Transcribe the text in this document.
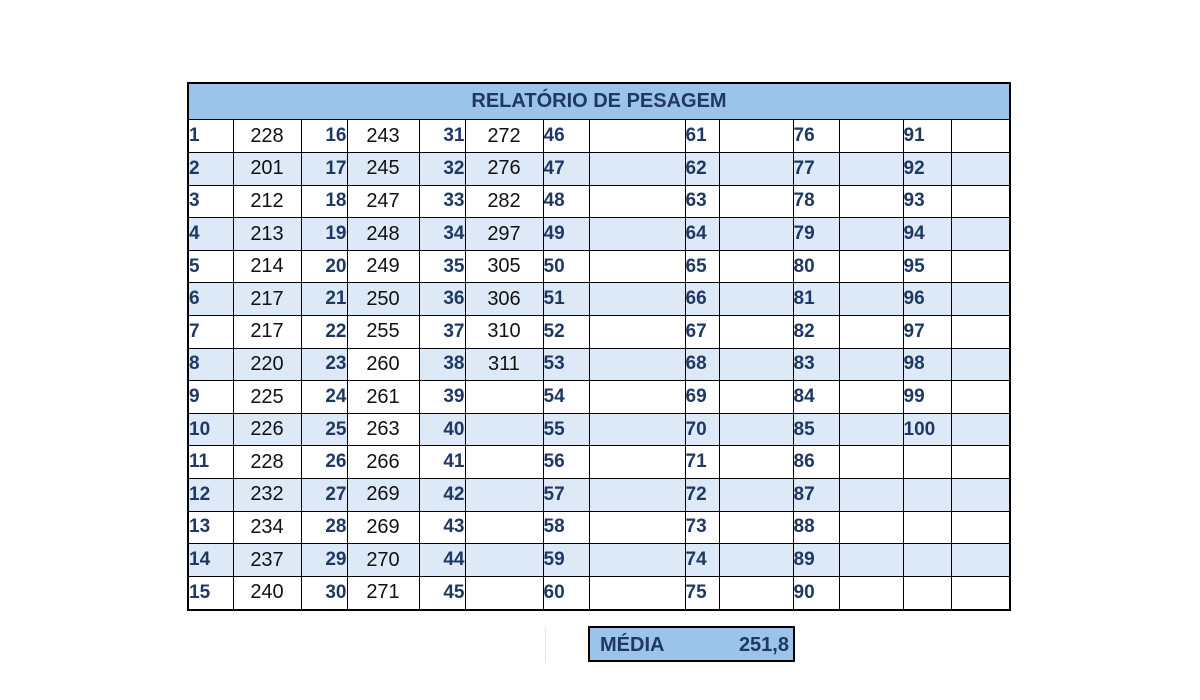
RELATÓRIO DE PESAGEM
1	228	16	243	31	272	46		61		76		91	
2	201	17	245	32	276	47		62		77		92	
3	212	18	247	33	282	48		63		78		93	
4	213	19	248	34	297	49		64		79		94	
5	214	20	249	35	305	50		65		80		95	
6	217	21	250	36	306	51		66		81		96	
7	217	22	255	37	310	52		67		82		97	
8	220	23	260	38	311	53		68		83		98	
9	225	24	261	39		54		69		84		99	
10	226	25	263	40		55		70		85		100	
11	228	26	266	41		56		71		86			
12	232	27	269	42		57		72		87			
13	234	28	269	43		58		73		88			
14	237	29	270	44		59		74		89			
15	240	30	271	45		60		75		90			
MÉDIA	251,8
